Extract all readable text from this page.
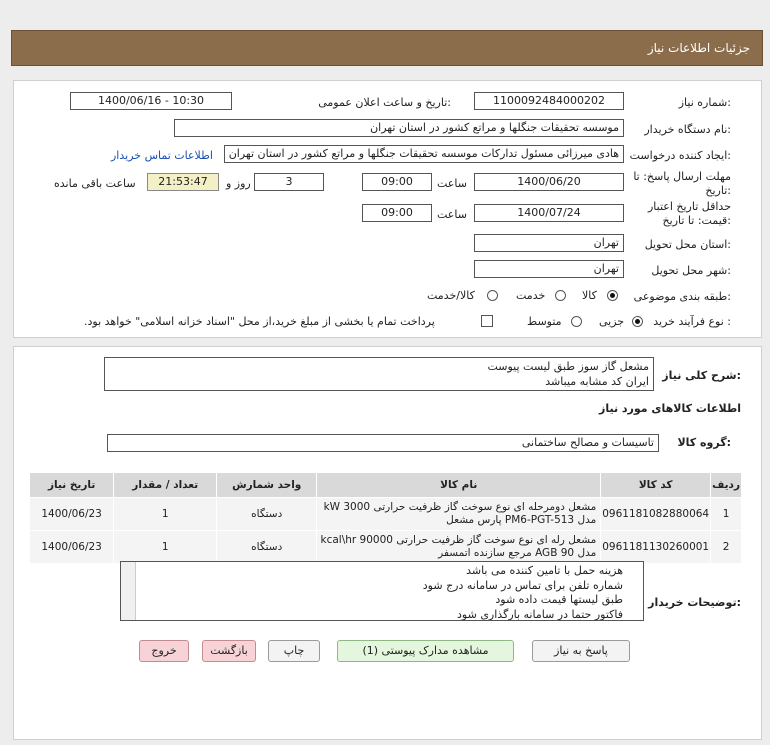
جزئیات اطلاعات نیاز
شماره نیاز:
1100092484000202
تاریخ و ساعت اعلان عمومی:
1400/06/16 - 10:30
نام دستگاه خریدار:
موسسه تحقیقات جنگلها و مراتع کشور در استان تهران
ایجاد کننده درخواست:
هادی میرزائی مسئول تدارکات موسسه تحقیقات جنگلها و مراتع کشور در استان تهران
اطلاعات تماس خریدار
مهلت ارسال پاسخ: تا
تاریخ:
1400/06/20
ساعت
09:00
3
روز و
21:53:47
ساعت باقی مانده
حداقل تاریخ اعتبار
قیمت: تا تاریخ:
1400/07/24
ساعت
09:00
استان محل تحویل:
تهران
شهر محل تحویل:
تهران
طبقه بندی موضوعی:
کالا
خدمت
کالا/خدمت
نوع فرآیند خرید :
جزیی
متوسط
پرداخت تمام یا بخشی از مبلغ خرید،از محل "اسناد خزانه اسلامی" خواهد بود.
شرح کلی نیاز:
مشعل گاز سوز طبق لیست پیوست
ایران کد مشابه میباشد
اطلاعات کالاهای مورد نیاز
گروه کالا:
تاسیسات و مصالح ساختمانی
ردیف	کد کالا	نام کالا	واحد شمارش	تعداد / مقدار	تاریخ نیاز
1	0961181082880064	مشعل دومرحله ای نوع سوخت گاز ظرفیت حرارتی kW 3000
مدل PM6-PGT-513 پارس مشعل	دستگاه	1	1400/06/23
2	0961181130260001	مشعل رله ای نوع سوخت گاز ظرفیت حرارتی kcal\hr 90000
مدل AGB 90 مرجع سازنده اتمسفر	دستگاه	1	1400/06/23
توضیحات خریدار:
هزینه حمل با تامین کننده می باشد
شماره تلفن برای تماس در سامانه درج شود
طبق لیستها قیمت داده شود
فاکتور حتما در سامانه بارگذاری شود
پاسخ به نیاز
مشاهده مدارک پیوستی (1)
چاپ
بازگشت
خروج
